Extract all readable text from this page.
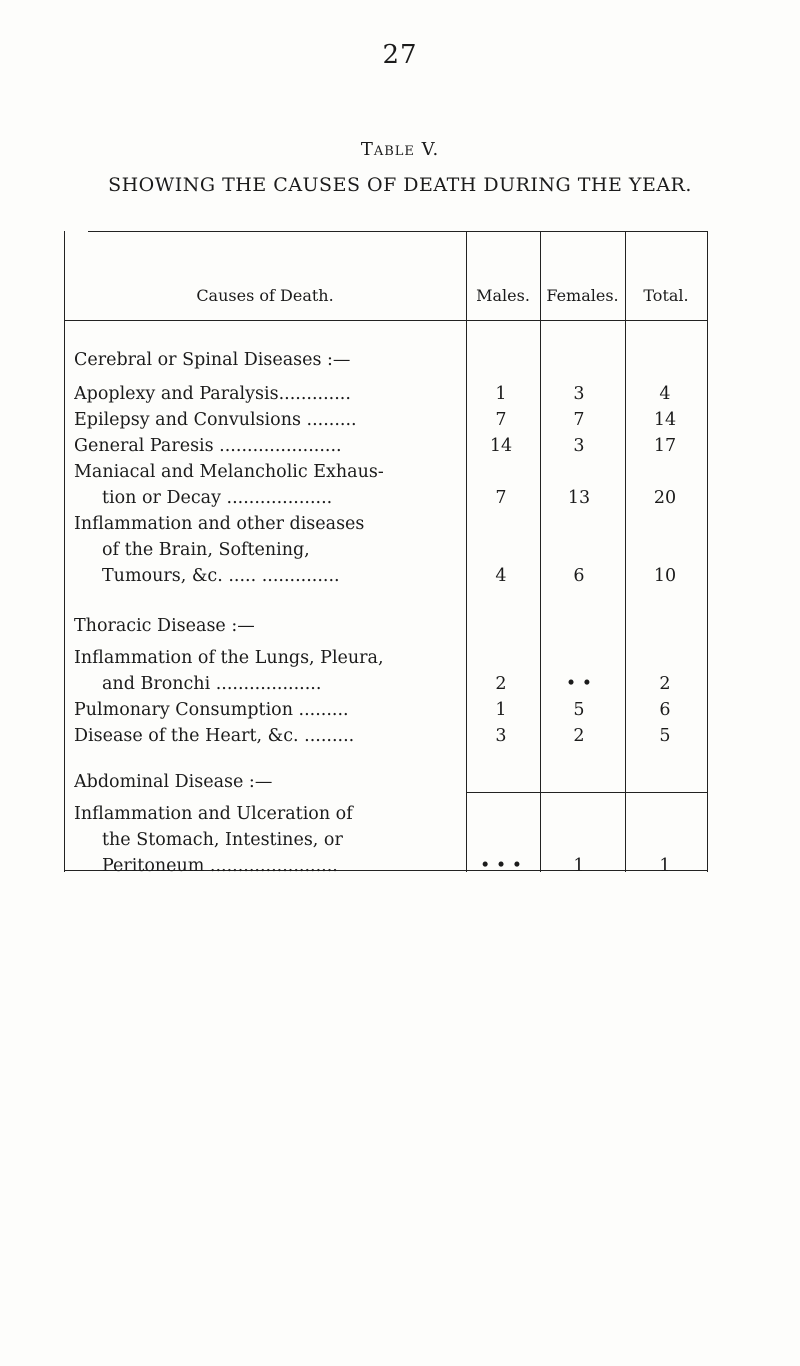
27
Table V.
SHOWING THE CAUSES OF DEATH DURING THE YEAR.
Causes of Death.	Males.	Females.	Total.
Cerebral or Spinal Diseases :—
Apoplexy and Paralysis.............	1	3	4
Epilepsy and Convulsions .........	7	7	14
General Paresis ......................	14	3	17
Maniacal and Melancholic Exhaus-
tion or Decay ...................	7	13	20
Inflammation and other diseases
of the Brain, Softening,
Tumours, &c. ..... ..............	4	6	10
Thoracic Disease :—
Inflammation of the Lungs, Pleura,
and Bronchi ...................	2	• •	2
Pulmonary Consumption .........	1	5	6
Disease of the Heart, &c. .........	3	2	5
Abdominal Disease :—
Inflammation and Ulceration of
the Stomach, Intestines, or
Peritoneum .......................	• • •	1	1
